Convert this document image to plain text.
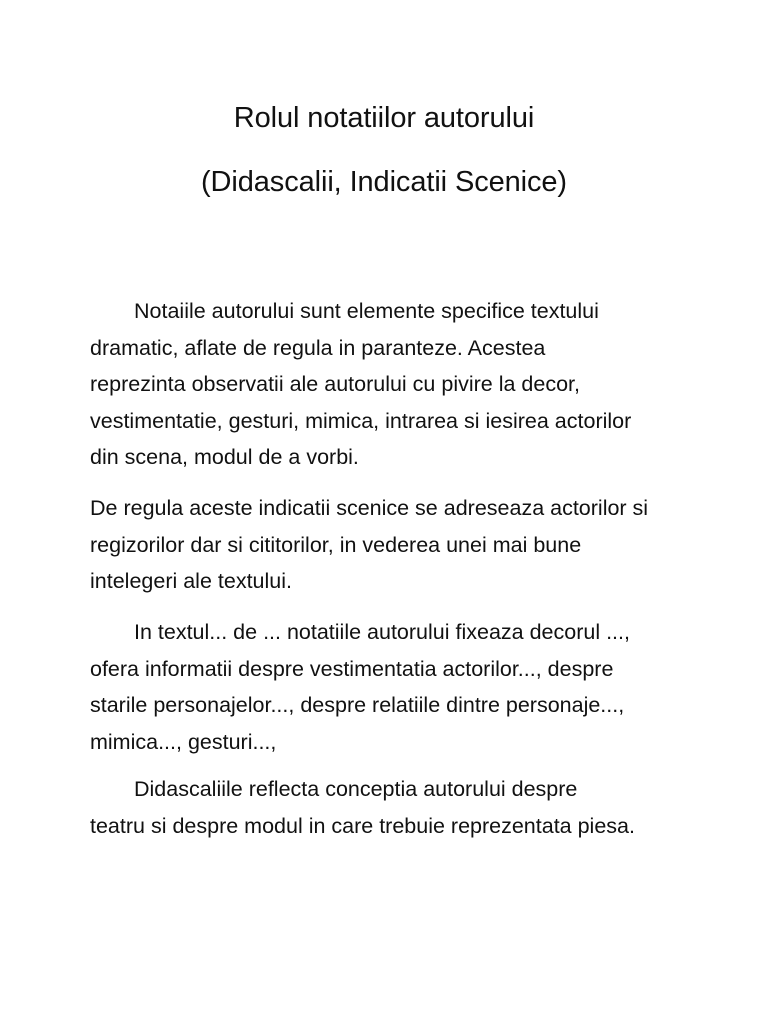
Rolul notatiilor autorului
(Didascalii, Indicatii Scenice)

Notaiile autorului sunt elemente specifice textului
dramatic, aflate de regula in paranteze. Acestea
reprezinta observatii ale autorului cu pivire la decor,
vestimentatie, gesturi, mimica, intrarea si iesirea actorilor
din scena, modul de a vorbi.

De regula aceste indicatii scenice se adreseaza actorilor si
regizorilor dar si cititorilor, in vederea unei mai bune
intelegeri ale textului.

In textul... de ... notatiile autorului fixeaza decorul ...,
ofera informatii despre vestimentatia actorilor..., despre
starile personajelor..., despre relatiile dintre personaje...,
mimica..., gesturi...,

Didascaliile reflecta conceptia autorului despre
teatru si despre modul in care trebuie reprezentata piesa.
